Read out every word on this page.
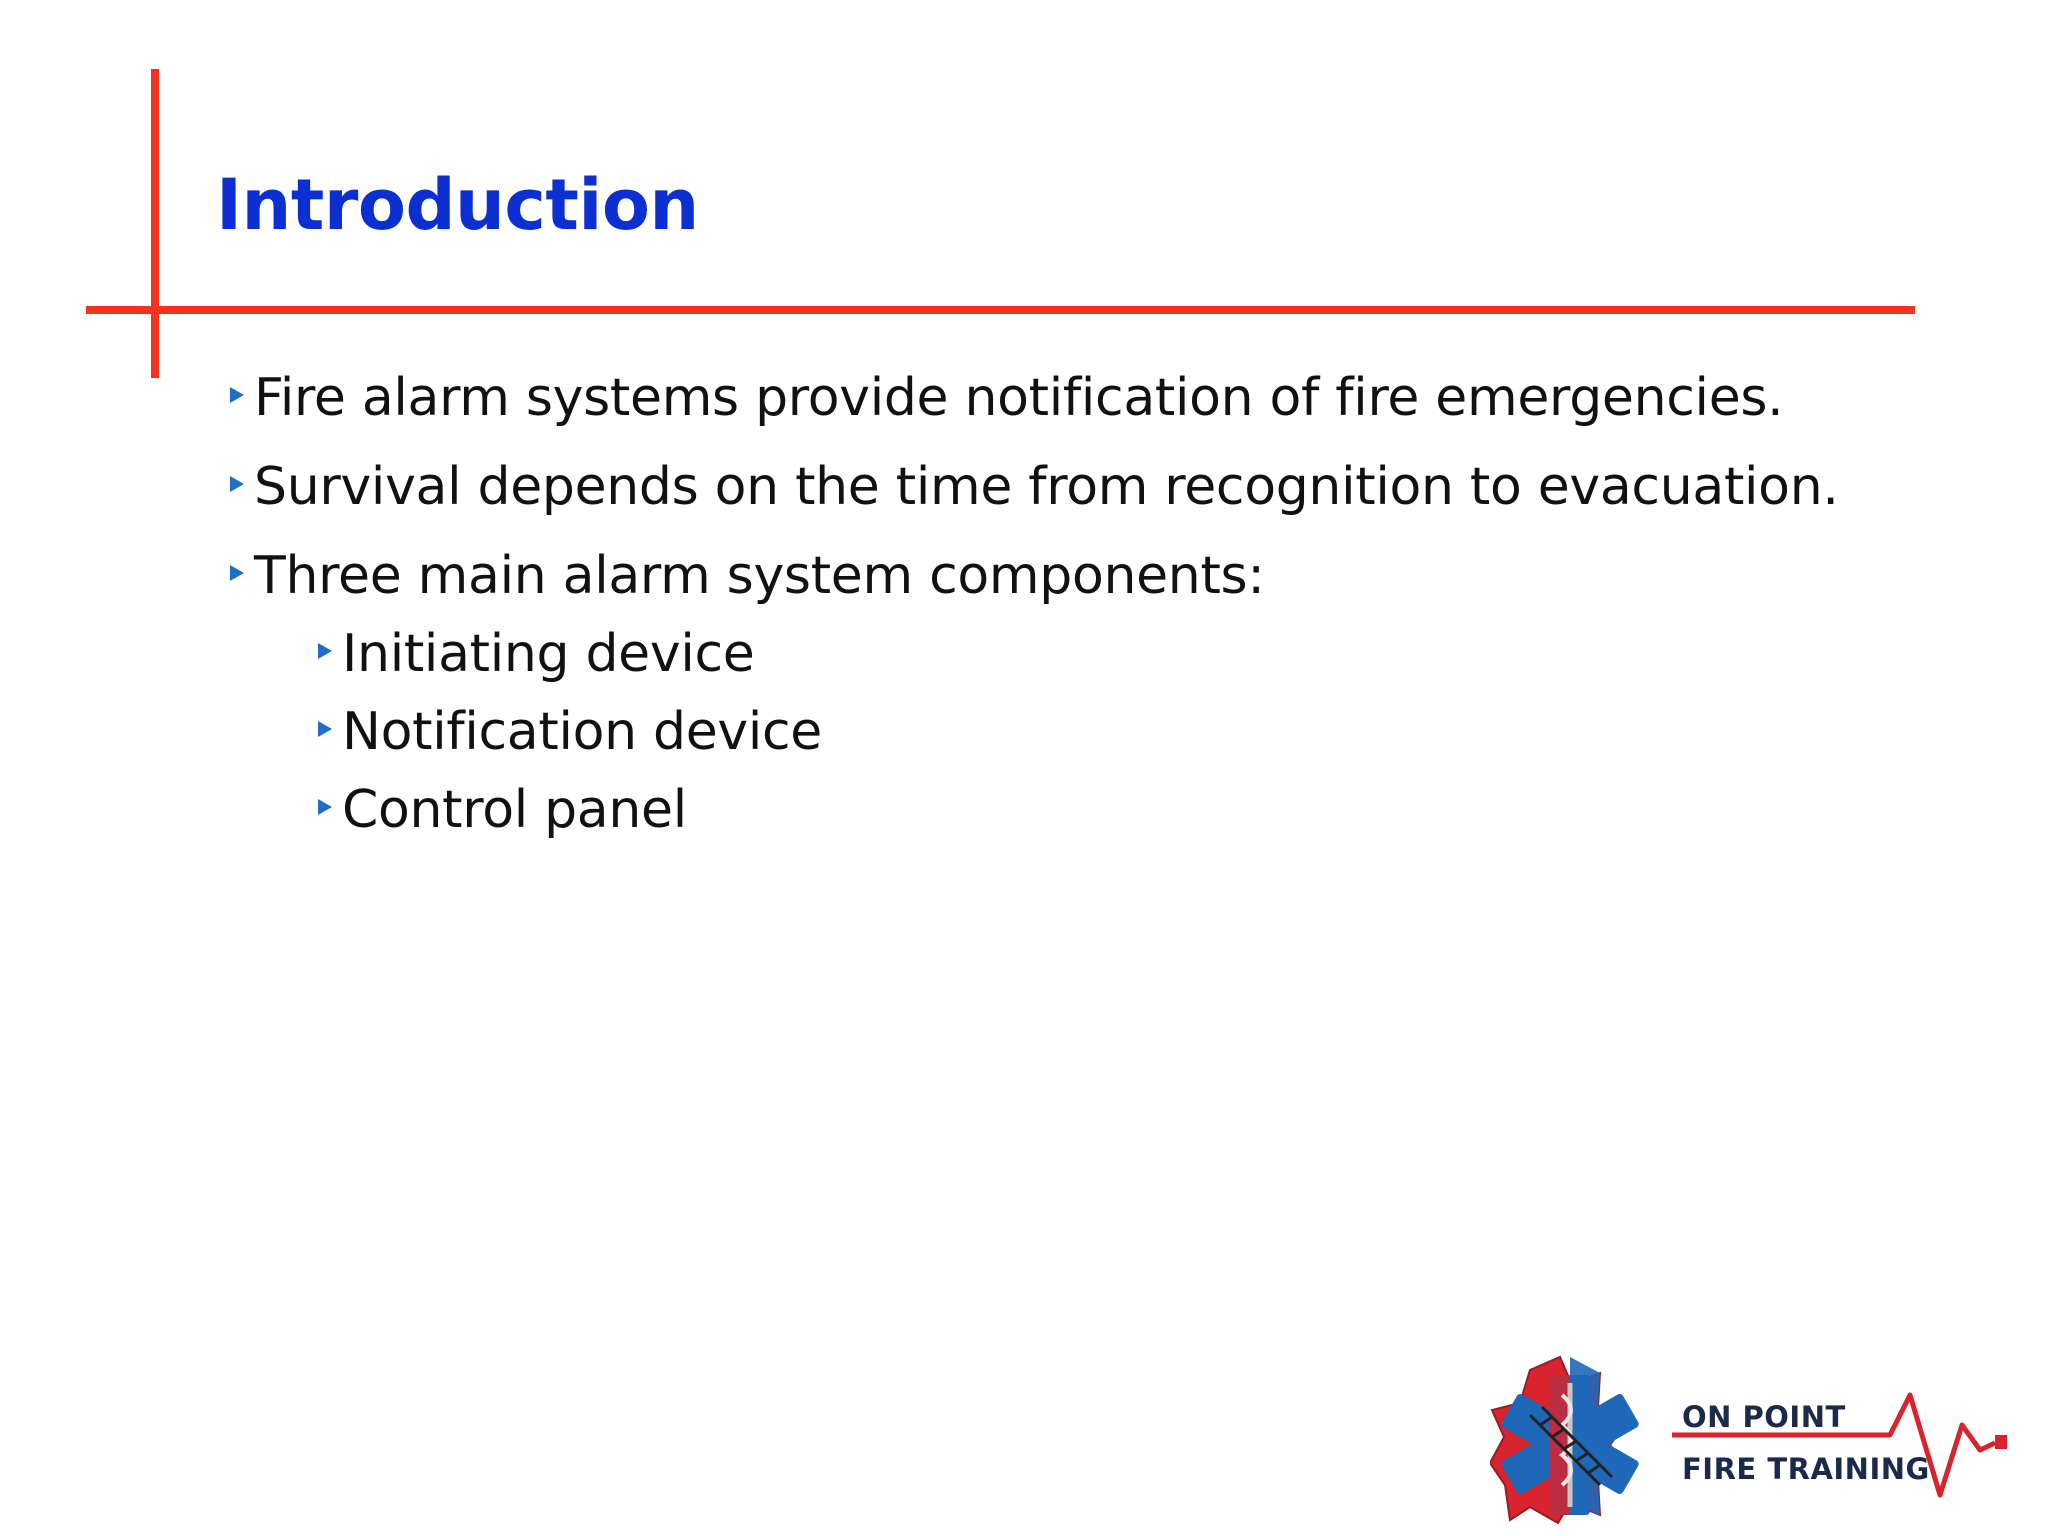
Introduction
Fire alarm systems provide notification of fire emergencies.
Survival depends on the time from recognition to evacuation.
Three main alarm system components:
Initiating device
Notification device
Control panel
ON POINT
FIRE TRAINING
